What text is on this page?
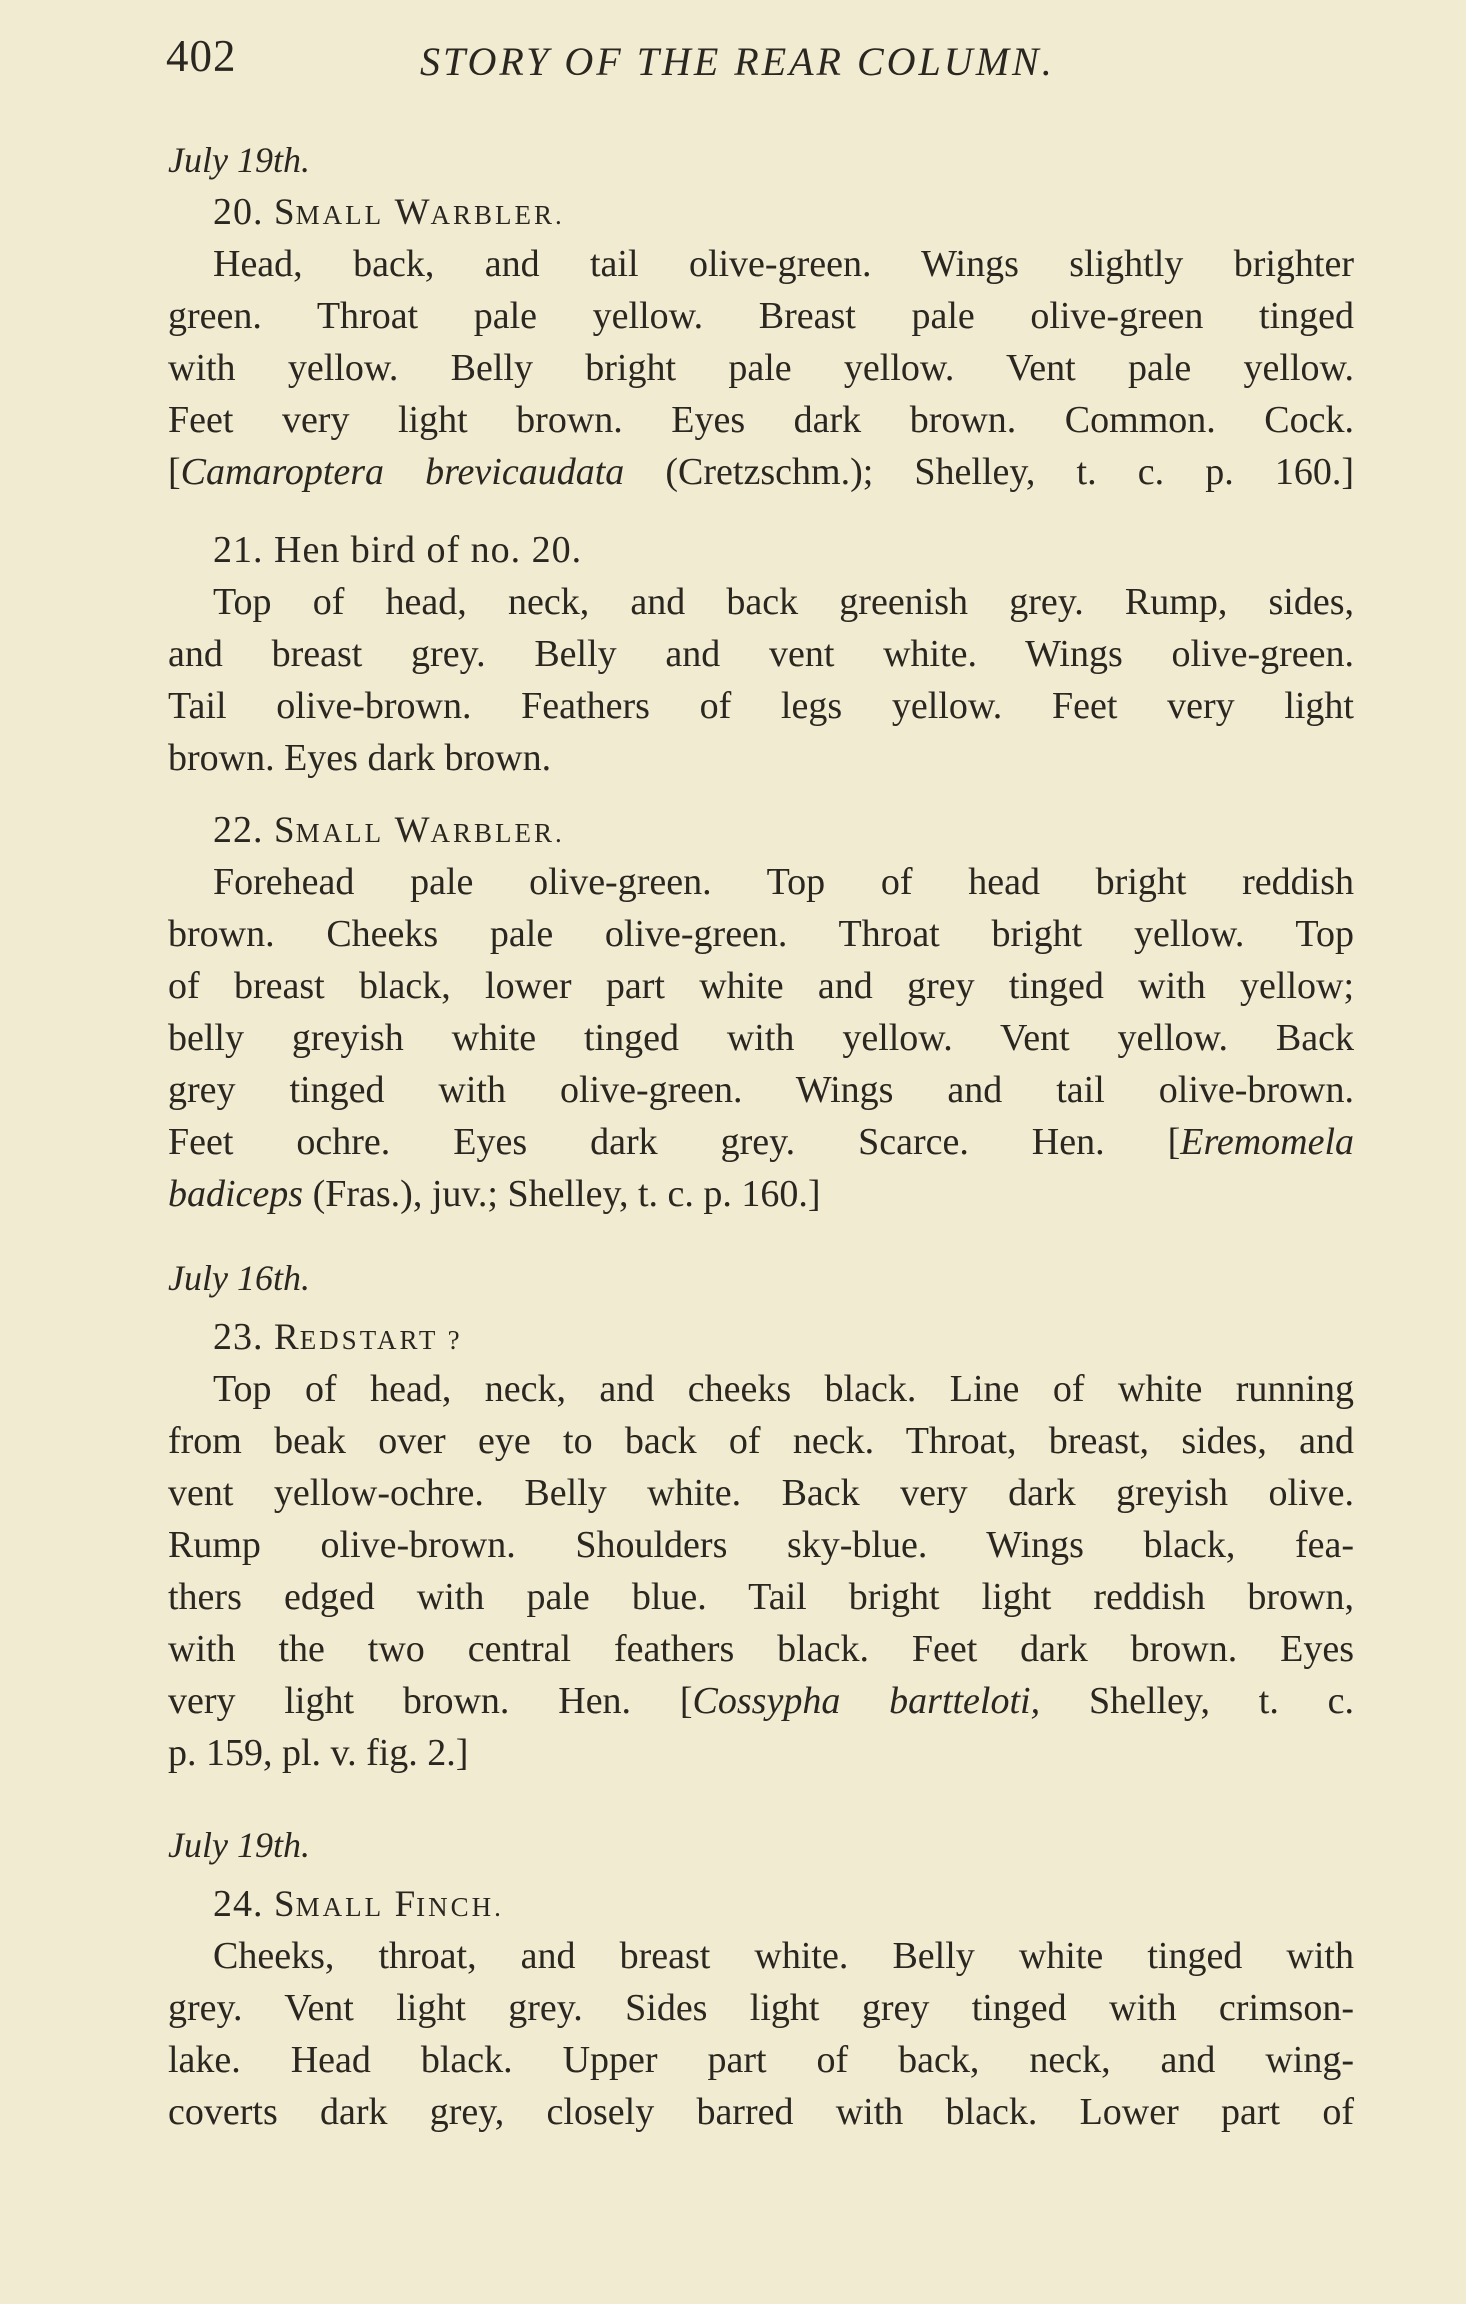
402	STORY OF THE REAR COLUMN.
July 19th.
20. SMALL WARBLER.
Head, back, and tail olive-green. Wings slightly brighter
green. Throat pale yellow. Breast pale olive-green tinged
with yellow. Belly bright pale yellow. Vent pale yellow.
Feet very light brown. Eyes dark brown. Common. Cock.
[Camaroptera brevicaudata (Cretzschm.); Shelley, t. c. p. 160.]
21. Hen bird of no. 20.
Top of head, neck, and back greenish grey. Rump, sides,
and breast grey. Belly and vent white. Wings olive-green.
Tail olive-brown. Feathers of legs yellow. Feet very light
brown. Eyes dark brown.
22. SMALL WARBLER.
Forehead pale olive-green. Top of head bright reddish
brown. Cheeks pale olive-green. Throat bright yellow. Top
of breast black, lower part white and grey tinged with yellow;
belly greyish white tinged with yellow. Vent yellow. Back
grey tinged with olive-green. Wings and tail olive-brown.
Feet ochre. Eyes dark grey. Scarce. Hen. [Eremomela
badiceps (Fras.), juv.; Shelley, t. c. p. 160.]
July 16th.
23. REDSTART ?
Top of head, neck, and cheeks black. Line of white running
from beak over eye to back of neck. Throat, breast, sides, and
vent yellow-ochre. Belly white. Back very dark greyish olive.
Rump olive-brown. Shoulders sky-blue. Wings black, fea-
thers edged with pale blue. Tail bright light reddish brown,
with the two central feathers black. Feet dark brown. Eyes
very light brown. Hen. [Cossypha bartteloti, Shelley, t. c.
p. 159, pl. v. fig. 2.]
July 19th.
24. SMALL FINCH.
Cheeks, throat, and breast white. Belly white tinged with
grey. Vent light grey. Sides light grey tinged with crimson-
lake. Head black. Upper part of back, neck, and wing-
coverts dark grey, closely barred with black. Lower part of
